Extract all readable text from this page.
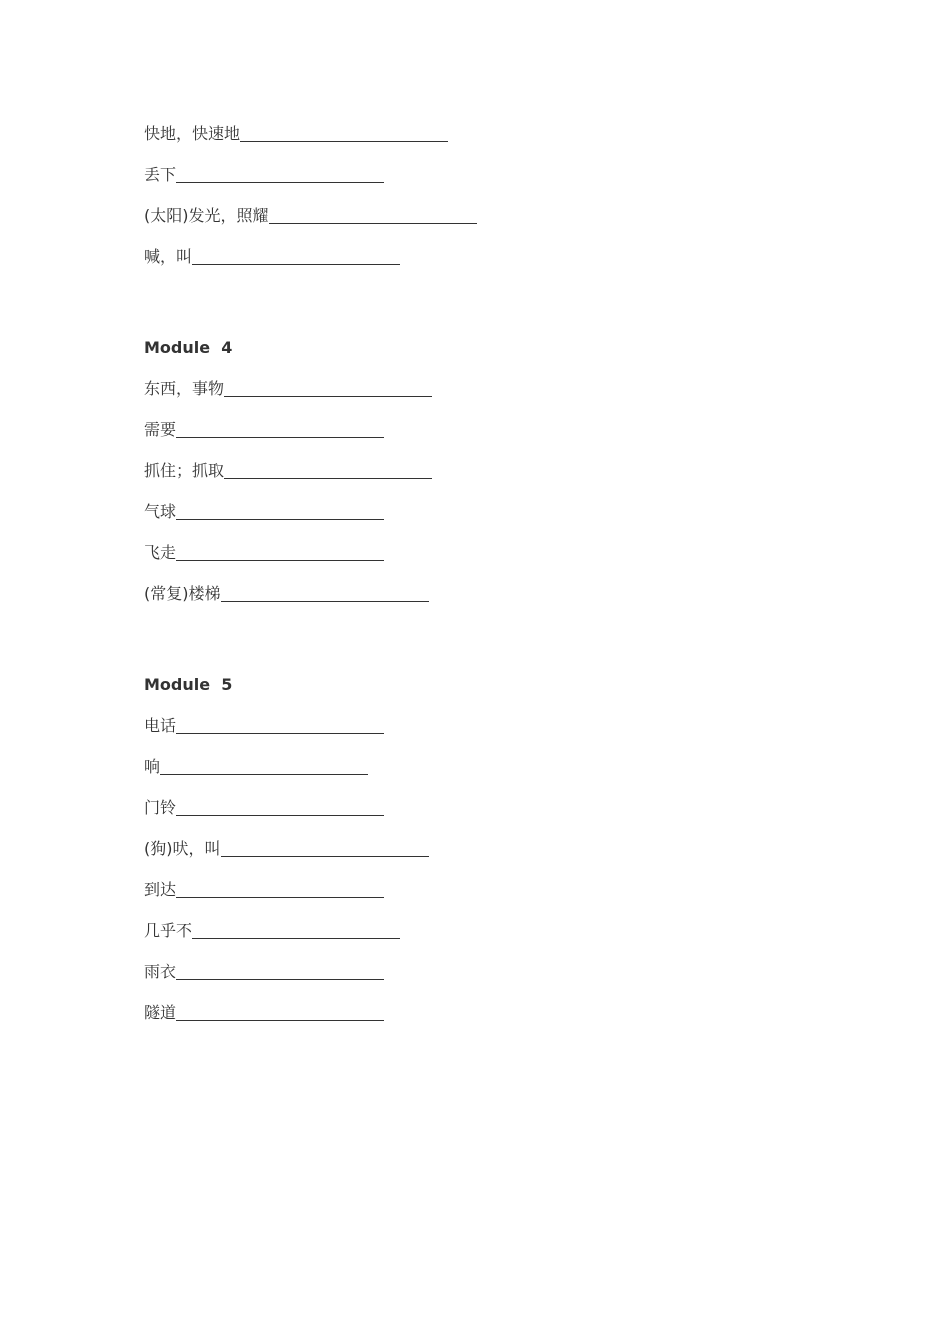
快地，快速地
丢下
(太阳)发光，照耀
喊，叫
Module  4
东西，事物
需要
抓住；抓取
气球
飞走
(常复)楼梯
Module  5
电话
响
门铃
(狗)吠，叫
到达
几乎不
雨衣
隧道
